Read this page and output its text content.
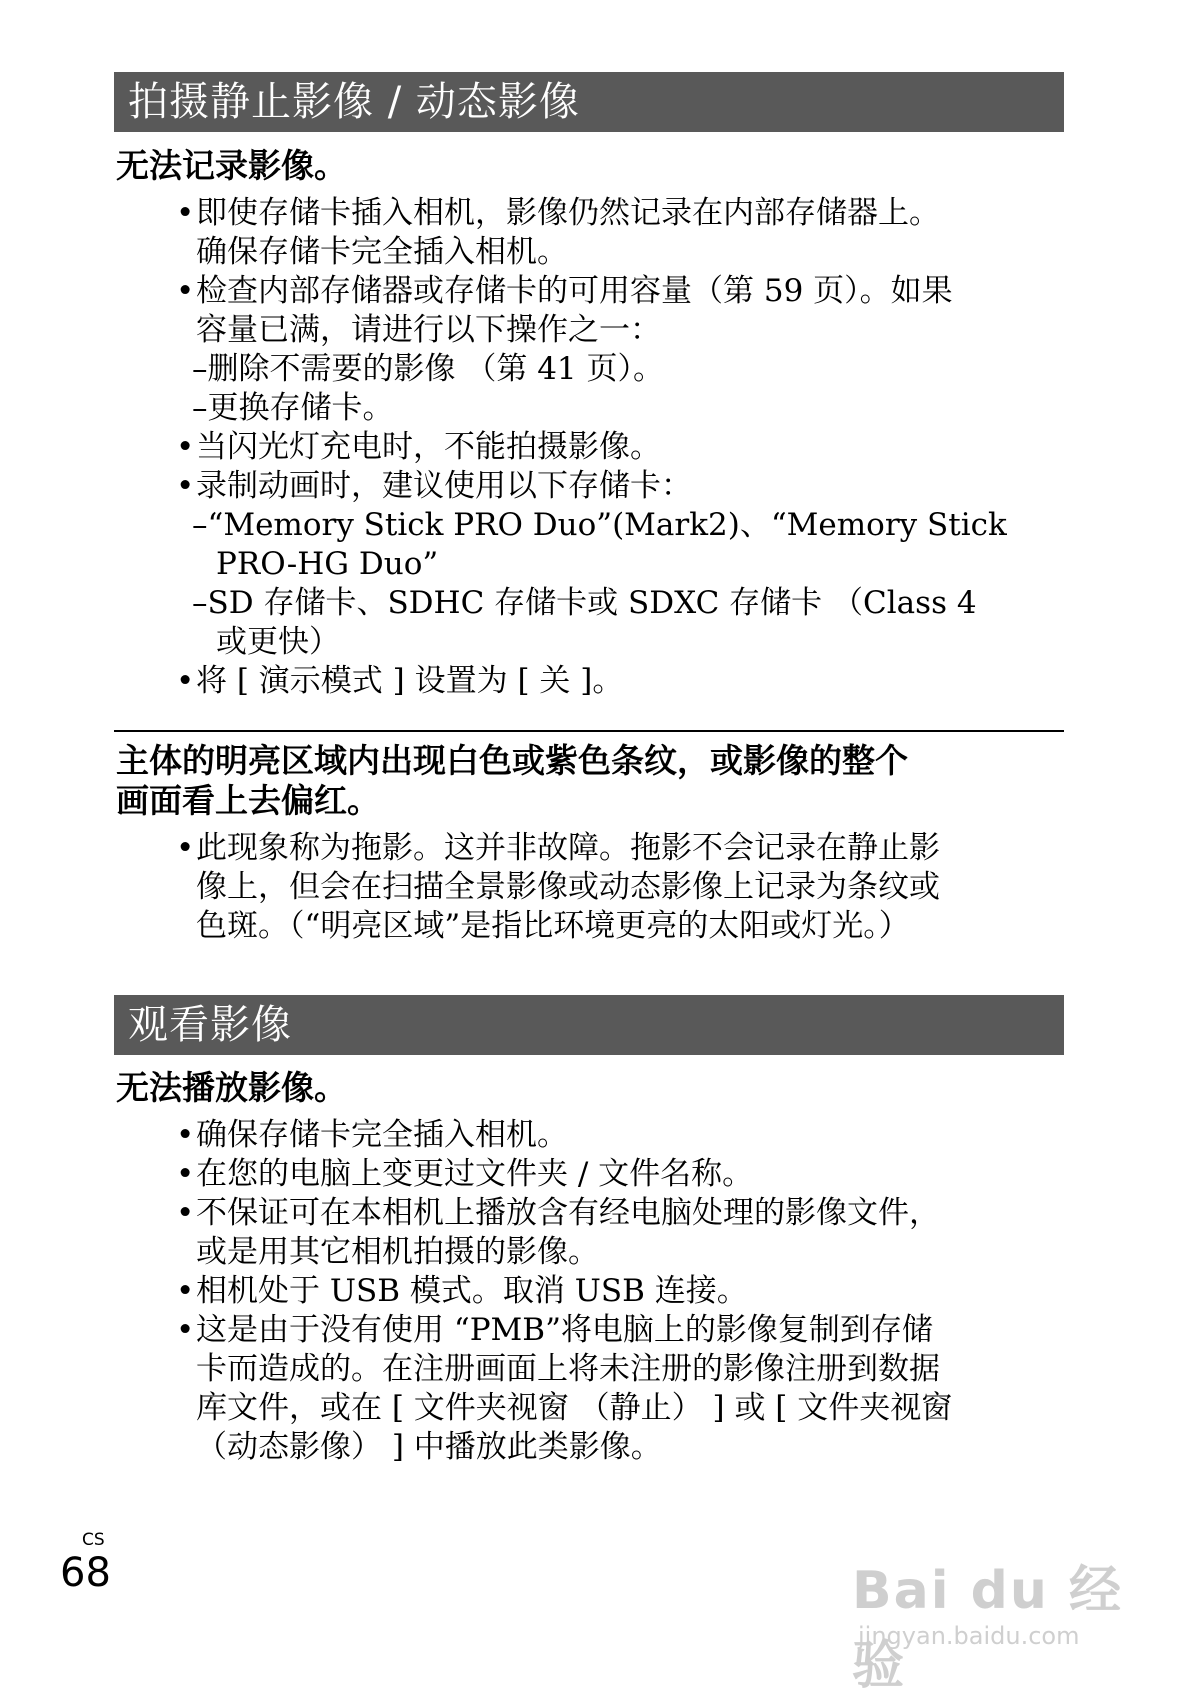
拍摄静止影像 / 动态影像
无法记录影像。
•即使存储卡插入相机，影像仍然记录在内部存储器上。
确保存储卡完全插入相机。
•检查内部存储器或存储卡的可用容量（第 59 页）。如果
容量已满，请进行以下操作之一：
–删除不需要的影像 （第 41 页）。
–更换存储卡。
•当闪光灯充电时，不能拍摄影像。
•录制动画时，建议使用以下存储卡：
–“Memory Stick PRO Duo”(Mark2)、“Memory Stick
PRO-HG Duo”
–SD 存储卡、SDHC 存储卡或 SDXC 存储卡 （Class 4
或更快）
•将 [ 演示模式 ] 设置为 [ 关 ]。
主体的明亮区域内出现白色或紫色条纹，或影像的整个
画面看上去偏红。
•此现象称为拖影。这并非故障。拖影不会记录在静止影
像上，但会在扫描全景影像或动态影像上记录为条纹或
色斑。（“明亮区域”是指比环境更亮的太阳或灯光。）
观看影像
无法播放影像。
•确保存储卡完全插入相机。
•在您的电脑上变更过文件夹 / 文件名称。
•不保证可在本相机上播放含有经电脑处理的影像文件，
或是用其它相机拍摄的影像。
•相机处于 USB 模式。取消 USB 连接。
•这是由于没有使用 “PMB”将电脑上的影像复制到存储
卡而造成的。在注册画面上将未注册的影像注册到数据
库文件，或在 [ 文件夹视窗 （静止） ] 或 [ 文件夹视窗
（动态影像） ] 中播放此类影像。
CS
68	Bai du 经验
jingyan.baidu.com
